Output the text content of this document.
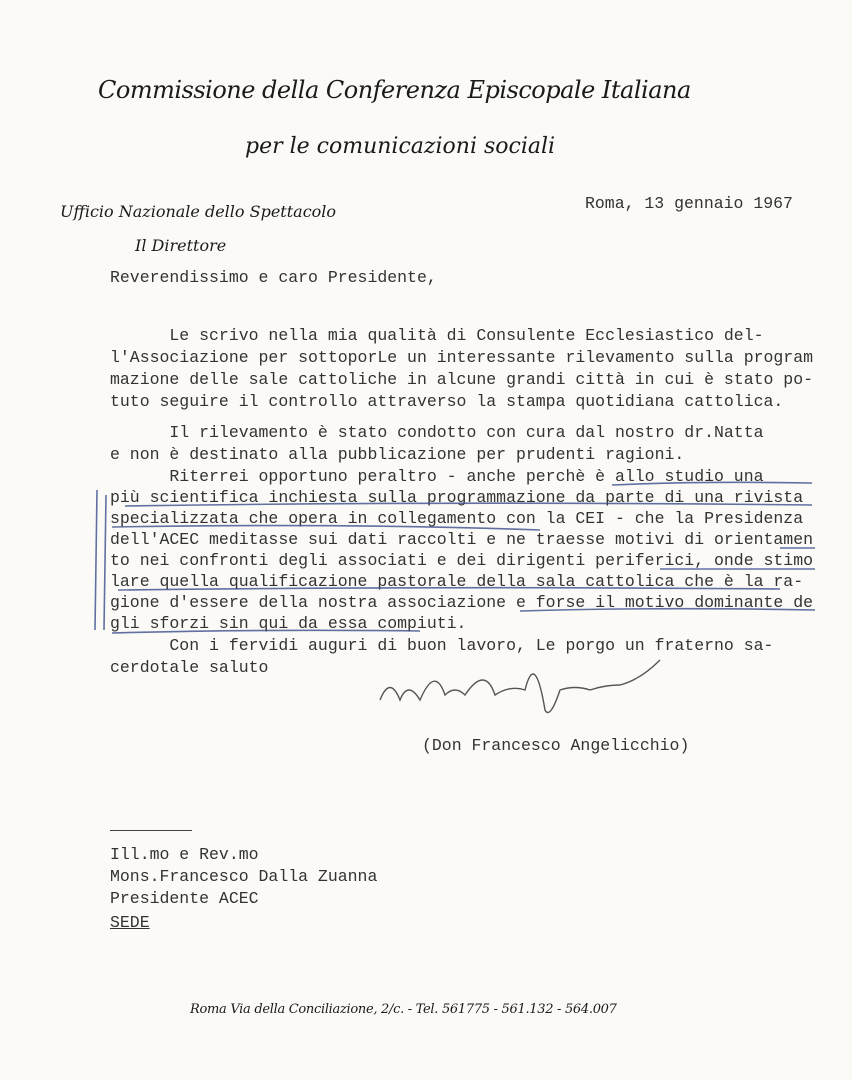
Commissione della Conferenza Episcopale Italiana
per le comunicazioni sociali
Ufficio Nazionale dello Spettacolo
Il Direttore
Roma, 13 gennaio 1967
Reverendissimo e caro Presidente,
Le scrivo nella mia qualità di Consulente Ecclesiastico del-
l'Associazione per sottoporLe un interessante rilevamento sulla program
mazione delle sale cattoliche in alcune grandi città in cui è stato po-
tuto seguire il controllo attraverso la stampa quotidiana cattolica.
Il rilevamento è stato condotto con cura dal nostro dr.Natta
e non è destinato alla pubblicazione per prudenti ragioni.
Riterrei opportuno peraltro - anche perchè è allo studio una
più scientifica inchiesta sulla programmazione da parte di una rivista
specializzata che opera in collegamento con la CEI - che la Presidenza
dell'ACEC meditasse sui dati raccolti e ne traesse motivi di orientamen
to nei confronti degli associati e dei dirigenti periferici, onde stimo
lare quella qualificazione pastorale della sala cattolica che è la ra-
gione d'essere della nostra associazione e forse il motivo dominante de
gli sforzi sin qui da essa compiuti.
Con i fervidi auguri di buon lavoro, Le porgo un fraterno sa-
cerdotale saluto
(Don Francesco Angelicchio)
Ill.mo e Rev.mo
Mons.Francesco Dalla Zuanna
Presidente ACEC
SEDE
Roma Via della Conciliazione, 2/c. - Tel. 561775 - 561.132 - 564.007
